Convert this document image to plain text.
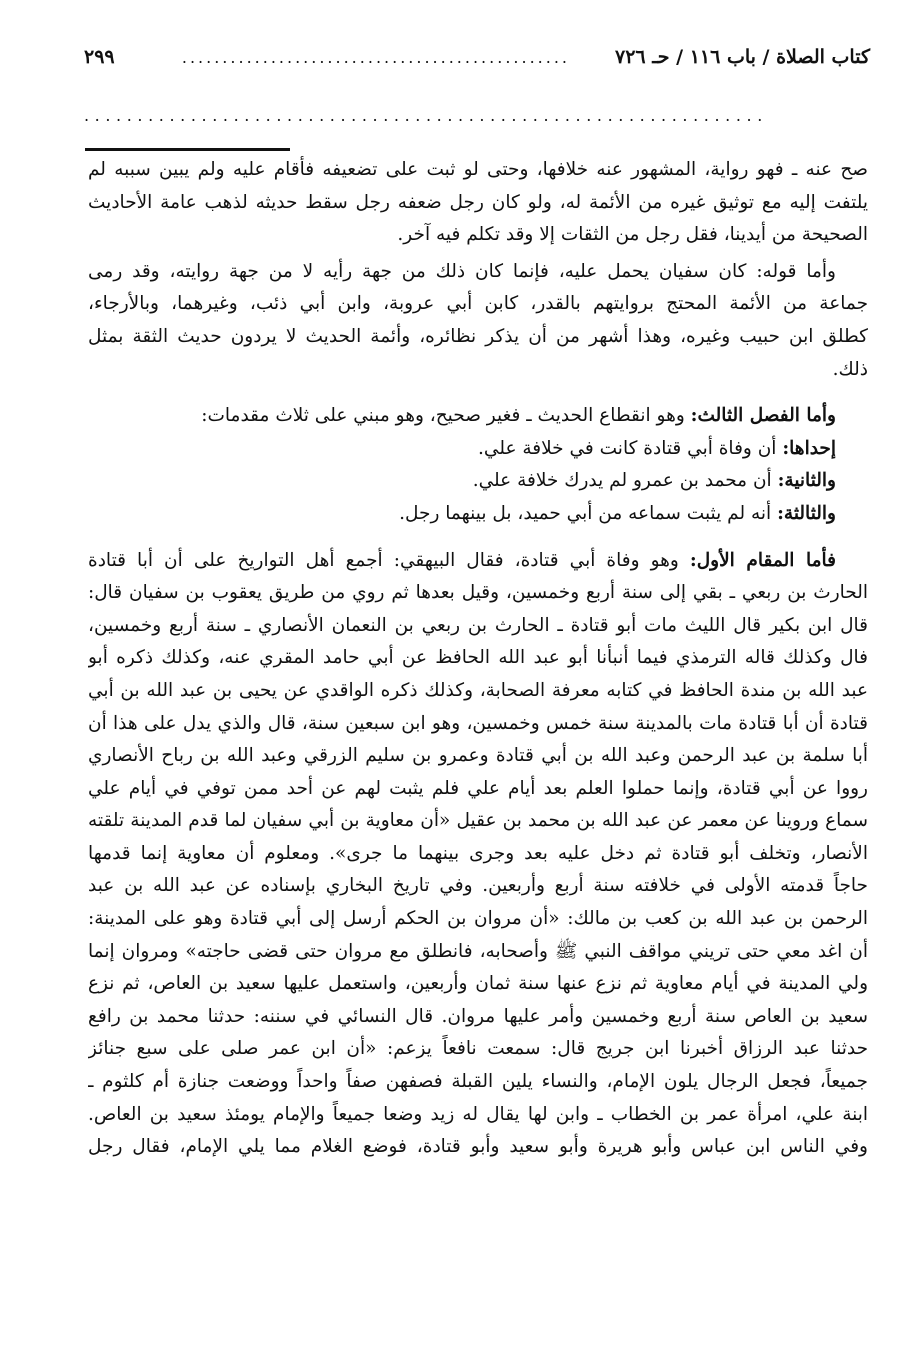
كتاب الصلاة / باب ١١٦ / حـ ٧٢٦
................................................
٢٩٩
................................................................
صح عنه ـ فهو رواية، المشهور عنه خلافها، وحتى لو ثبت على تضعيفه فأقام عليه ولم يبين سببه لم
يلتفت إليه مع توثيق غيره من الأئمة له، ولو كان رجل ضعفه رجل سقط حديثه لذهب عامة الأحاديث
الصحيحة من أيدينا، فقل رجل من الثقات إلا وقد تكلم فيه آخر.
وأما قوله: كان سفيان يحمل عليه، فإنما كان ذلك من جهة رأيه لا من جهة روايته، وقد رمى
جماعة من الأئمة المحتج بروايتهم بالقدر، كابن أبي عروبة، وابن أبي ذئب، وغيرهما، وبالأرجاء،
كطلق ابن حبيب وغيره، وهذا أشهر من أن يذكر نظائره، وأئمة الحديث لا يردون حديث الثقة بمثل
ذلك.
وأما الفصل الثالث: وهو انقطاع الحديث ـ فغير صحيح، وهو مبني على ثلاث مقدمات:
إحداها: أن وفاة أبي قتادة كانت في خلافة علي.
والثانية: أن محمد بن عمرو لم يدرك خلافة علي.
والثالثة: أنه لم يثبت سماعه من أبي حميد، بل بينهما رجل.
فأما المقام الأول: وهو وفاة أبي قتادة، فقال البيهقي: أجمع أهل التواريخ على أن أبا قتادة
الحارث بن ربعي ـ بقي إلى سنة أربع وخمسين، وقيل بعدها ثم روي من طريق يعقوب بن سفيان قال:
قال ابن بكير قال الليث مات أبو قتادة ـ الحارث بن ربعي بن النعمان الأنصاري ـ سنة أربع وخمسين،
فال وكذلك قاله الترمذي فيما أنبأنا أبو عبد الله الحافظ عن أبي حامد المقري عنه، وكذلك ذكره أبو
عبد الله بن مندة الحافظ في كتابه معرفة الصحابة، وكذلك ذكره الواقدي عن يحيى بن عبد الله بن أبي
قتادة أن أبا قتادة مات بالمدينة سنة خمس وخمسين، وهو ابن سبعين سنة، قال والذي يدل على هذا أن
أبا سلمة بن عبد الرحمن وعبد الله بن أبي قتادة وعمرو بن سليم الزرقي وعبد الله بن رباح الأنصاري
رووا عن أبي قتادة، وإنما حملوا العلم بعد أيام علي فلم يثبت لهم عن أحد ممن توفي في أيام علي
سماع وروينا عن معمر عن عبد الله بن محمد بن عقيل «أن معاوية بن أبي سفيان لما قدم المدينة تلقته
الأنصار، وتخلف أبو قتادة ثم دخل عليه بعد وجرى بينهما ما جرى». ومعلوم أن معاوية إنما قدمها
حاجاً قدمته الأولى في خلافته سنة أربع وأربعين. وفي تاريخ البخاري بإسناده عن عبد الله بن عبد
الرحمن بن عبد الله بن كعب بن مالك: «أن مروان بن الحكم أرسل إلى أبي قتادة وهو على المدينة:
أن اغد معي حتى تريني مواقف النبي ﷺ وأصحابه، فانطلق مع مروان حتى قضى حاجته» ومروان إنما
ولي المدينة في أيام معاوية ثم نزع عنها سنة ثمان وأربعين، واستعمل عليها سعيد بن العاص، ثم نزع
سعيد بن العاص سنة أربع وخمسين وأمر عليها مروان. قال النسائي في سننه: حدثنا محمد بن رافع
حدثنا عبد الرزاق أخبرنا ابن جريج قال: سمعت نافعاً يزعم: «أن ابن عمر صلى على سبع جنائز
جميعاً، فجعل الرجال يلون الإمام، والنساء يلين القبلة فصفهن صفاً واحداً ووضعت جنازة أم كلثوم ـ
ابنة علي، امرأة عمر بن الخطاب ـ وابن لها يقال له زيد وضعا جميعاً والإمام يومئذ سعيد بن العاص.
وفي الناس ابن عباس وأبو هريرة وأبو سعيد وأبو قتادة، فوضع الغلام مما يلي الإمام، فقال رجل
